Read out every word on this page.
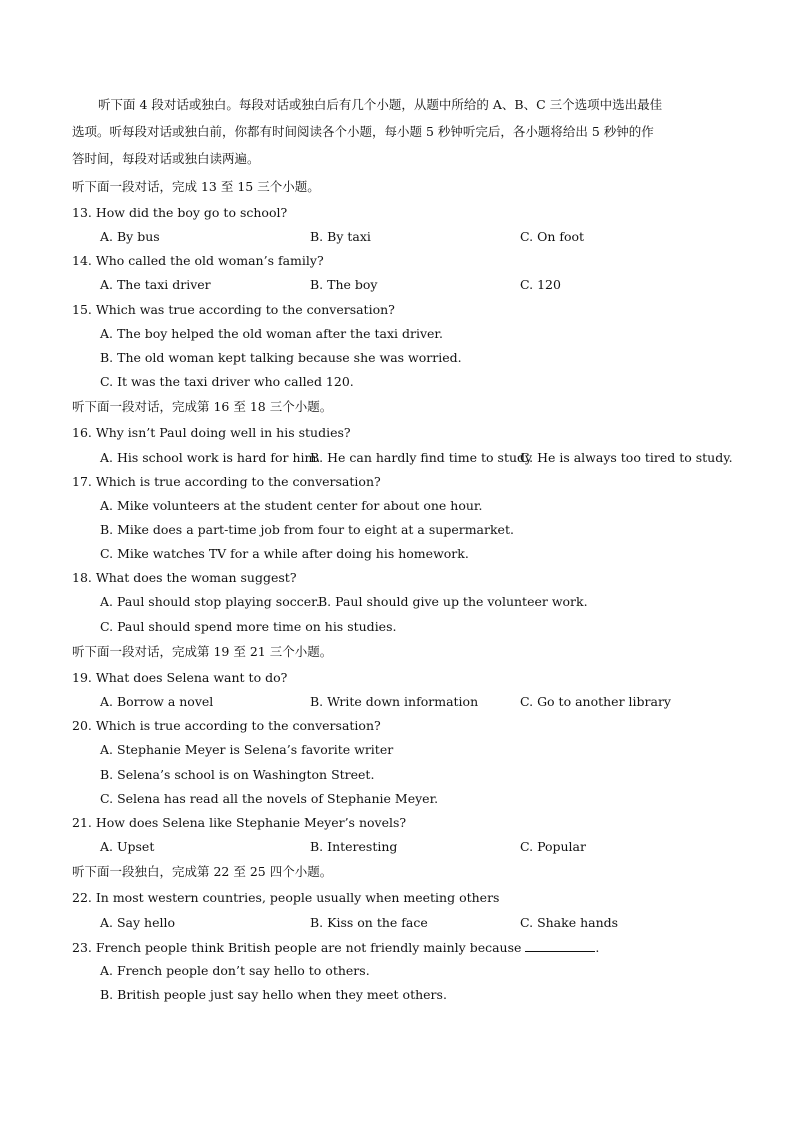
听下面 4 段对话或独白。每段对话或独白后有几个小题，从题中所给的 A、B、C 三个选项中选出最佳
选项。听每段对话或独白前，你都有时间阅读各个小题，每小题 5 秒钟听完后，各小题将给出 5 秒钟的作
答时间，每段对话或独白读两遍。
听下面一段对话，完成 13 至 15 三个小题。
13. How did the boy go to school?
A. By bus	B. By taxi	C. On foot
14. Who called the old woman’s family?
A. The taxi driver	B. The boy	C. 120
15. Which was true according to the conversation?
A. The boy helped the old woman after the taxi driver.
B. The old woman kept talking because she was worried.
C. It was the taxi driver who called 120.
听下面一段对话，完成第 16 至 18 三个小题。
16. Why isn’t Paul doing well in his studies?
A. His school work is hard for him.
B. He can hardly find time to study
C. He is always too tired to study.
17. Which is true according to the conversation?
A. Mike volunteers at the student center for about one hour.
B. Mike does a part-time job from four to eight at a supermarket.
C. Mike watches TV for a while after doing his homework.
18. What does the woman suggest?
A. Paul should stop playing soccer.
B. Paul should give up the volunteer work.
C. Paul should spend more time on his studies.
听下面一段对话，完成第 19 至 21 三个小题。
19. What does Selena want to do?
A. Borrow a novel	B. Write down information	C. Go to another library
20. Which is true according to the conversation?
A. Stephanie Meyer is Selena’s favorite writer
B. Selena’s school is on Washington Street.
C. Selena has read all the novels of Stephanie Meyer.
21. How does Selena like Stephanie Meyer’s novels?
A. Upset	B. Interesting	C. Popular
听下面一段独白，完成第 22 至 25 四个小题。
22. In most western countries, people usually when meeting others
A. Say hello	B. Kiss on the face	C. Shake hands
23. French people think British people are not friendly mainly because	.
A. French people don’t say hello to others.
B. British people just say hello when they meet others.
